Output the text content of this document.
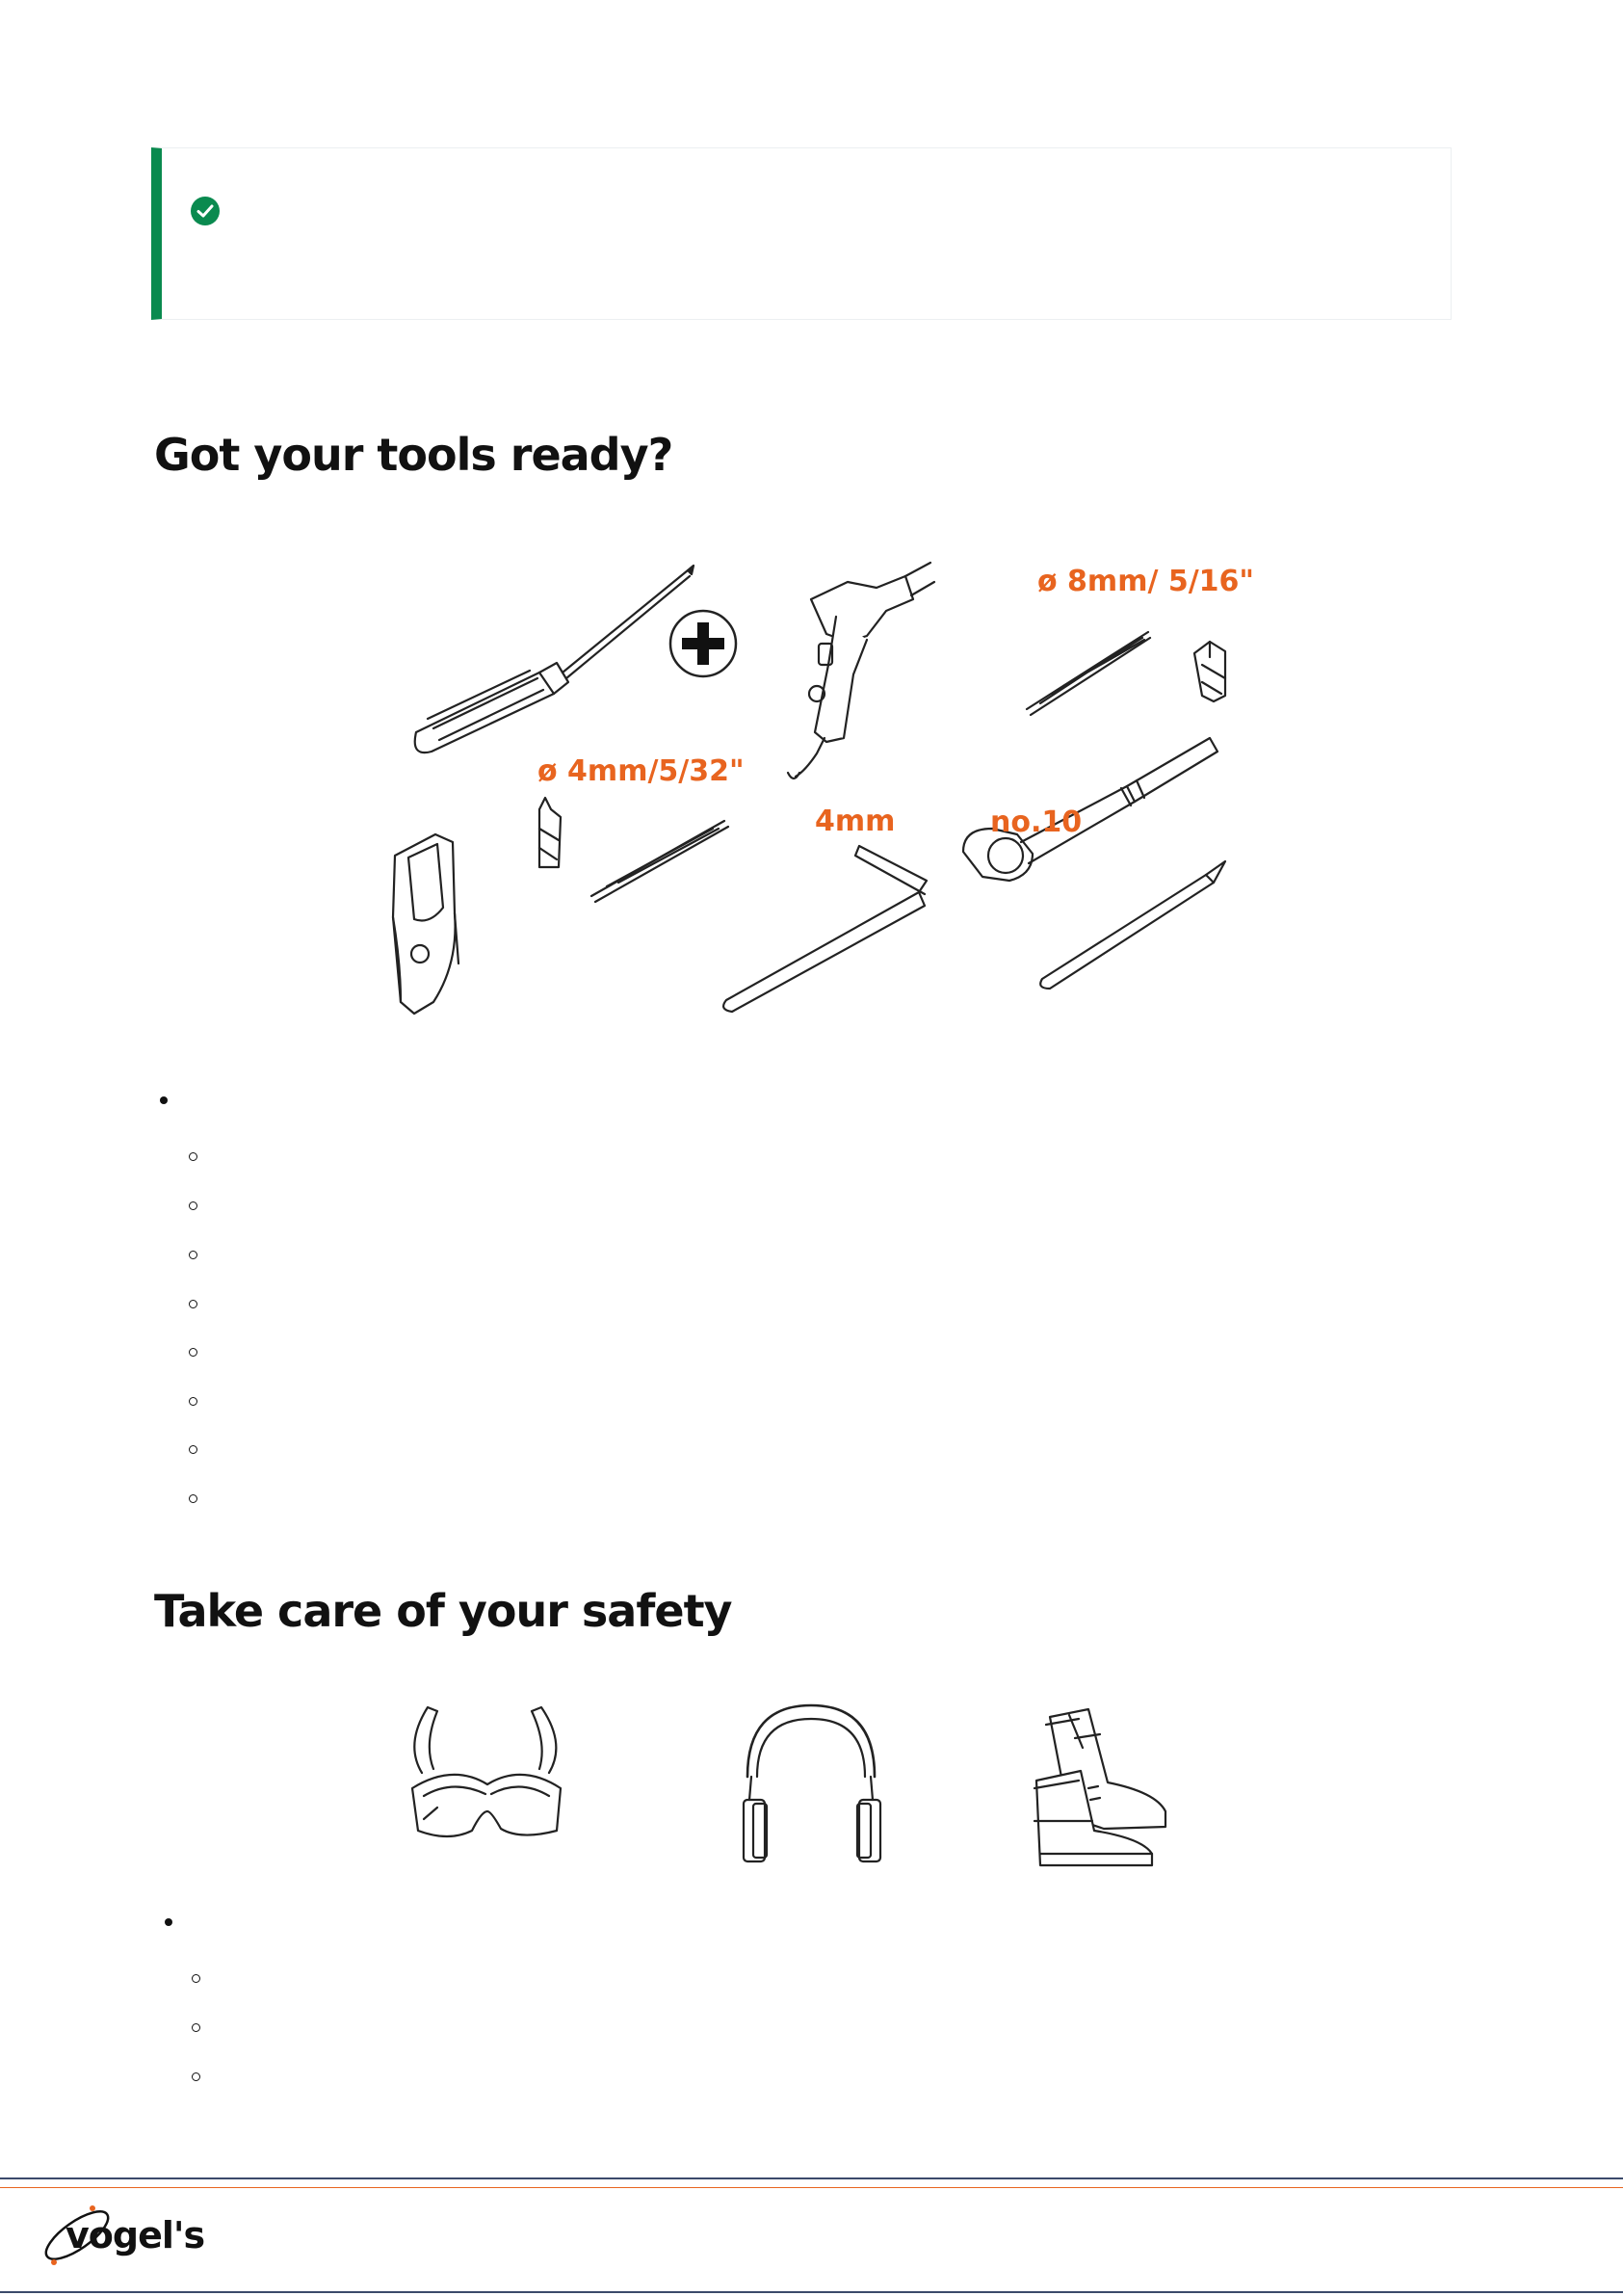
Got your tools ready?
ø 8mm/ 5/16"
ø 4mm/5/32"
4mm	no.10
Take care of your safety
vogel's
